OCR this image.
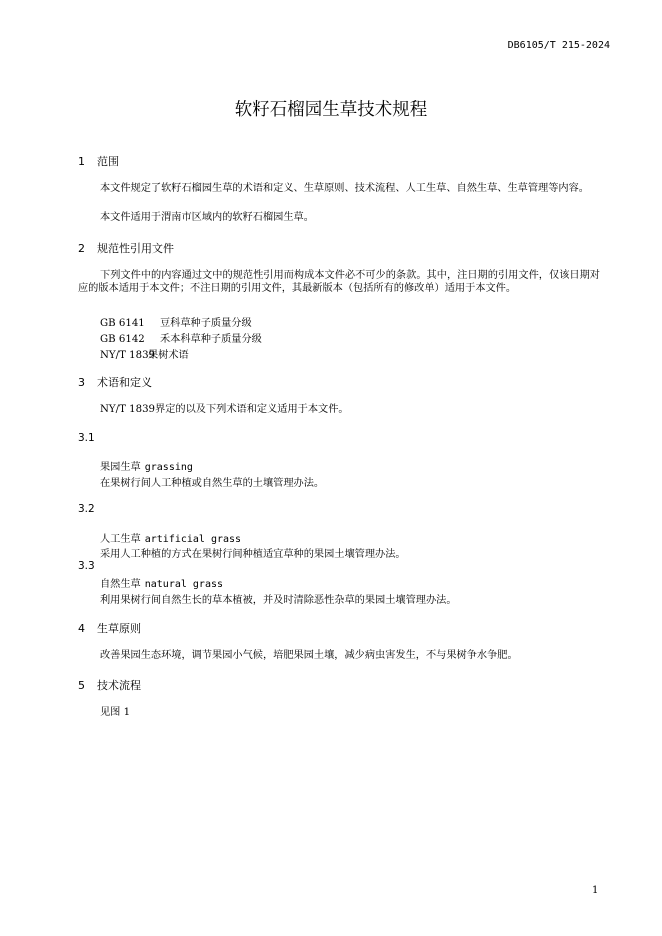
DB6105/T 215-2024
软籽石榴园生草技术规程
1 范围
本文件规定了软籽石榴园生草的术语和定义、生草原则、技术流程、人工生草、自然生草、生草管理等内容。
本文件适用于渭南市区域内的软籽石榴园生草。
2 规范性引用文件
下列文件中的内容通过文中的规范性引用而构成本文件必不可少的条款。其中，注日期的引用文件，仅该日期对应的版本适用于本文件；不注日期的引用文件，其最新版本（包括所有的修改单）适用于本文件。
GB 6141 豆科草种子质量分级
GB 6142 禾本科草种子质量分级
NY/T 1839果树术语
3 术语和定义
NY/T 1839界定的以及下列术语和定义适用于本文件。
3.1
果园生草 grassing
在果树行间人工种植或自然生草的土壤管理办法。
3.2
人工生草 artificial grass
采用人工种植的方式在果树行间种植适宜草种的果园土壤管理办法。
3.3
自然生草 natural grass
利用果树行间自然生长的草本植被，并及时清除恶性杂草的果园土壤管理办法。
4 生草原则
改善果园生态环境，调节果园小气候，培肥果园土壤，减少病虫害发生，不与果树争水争肥。
5 技术流程
见图 1
1
